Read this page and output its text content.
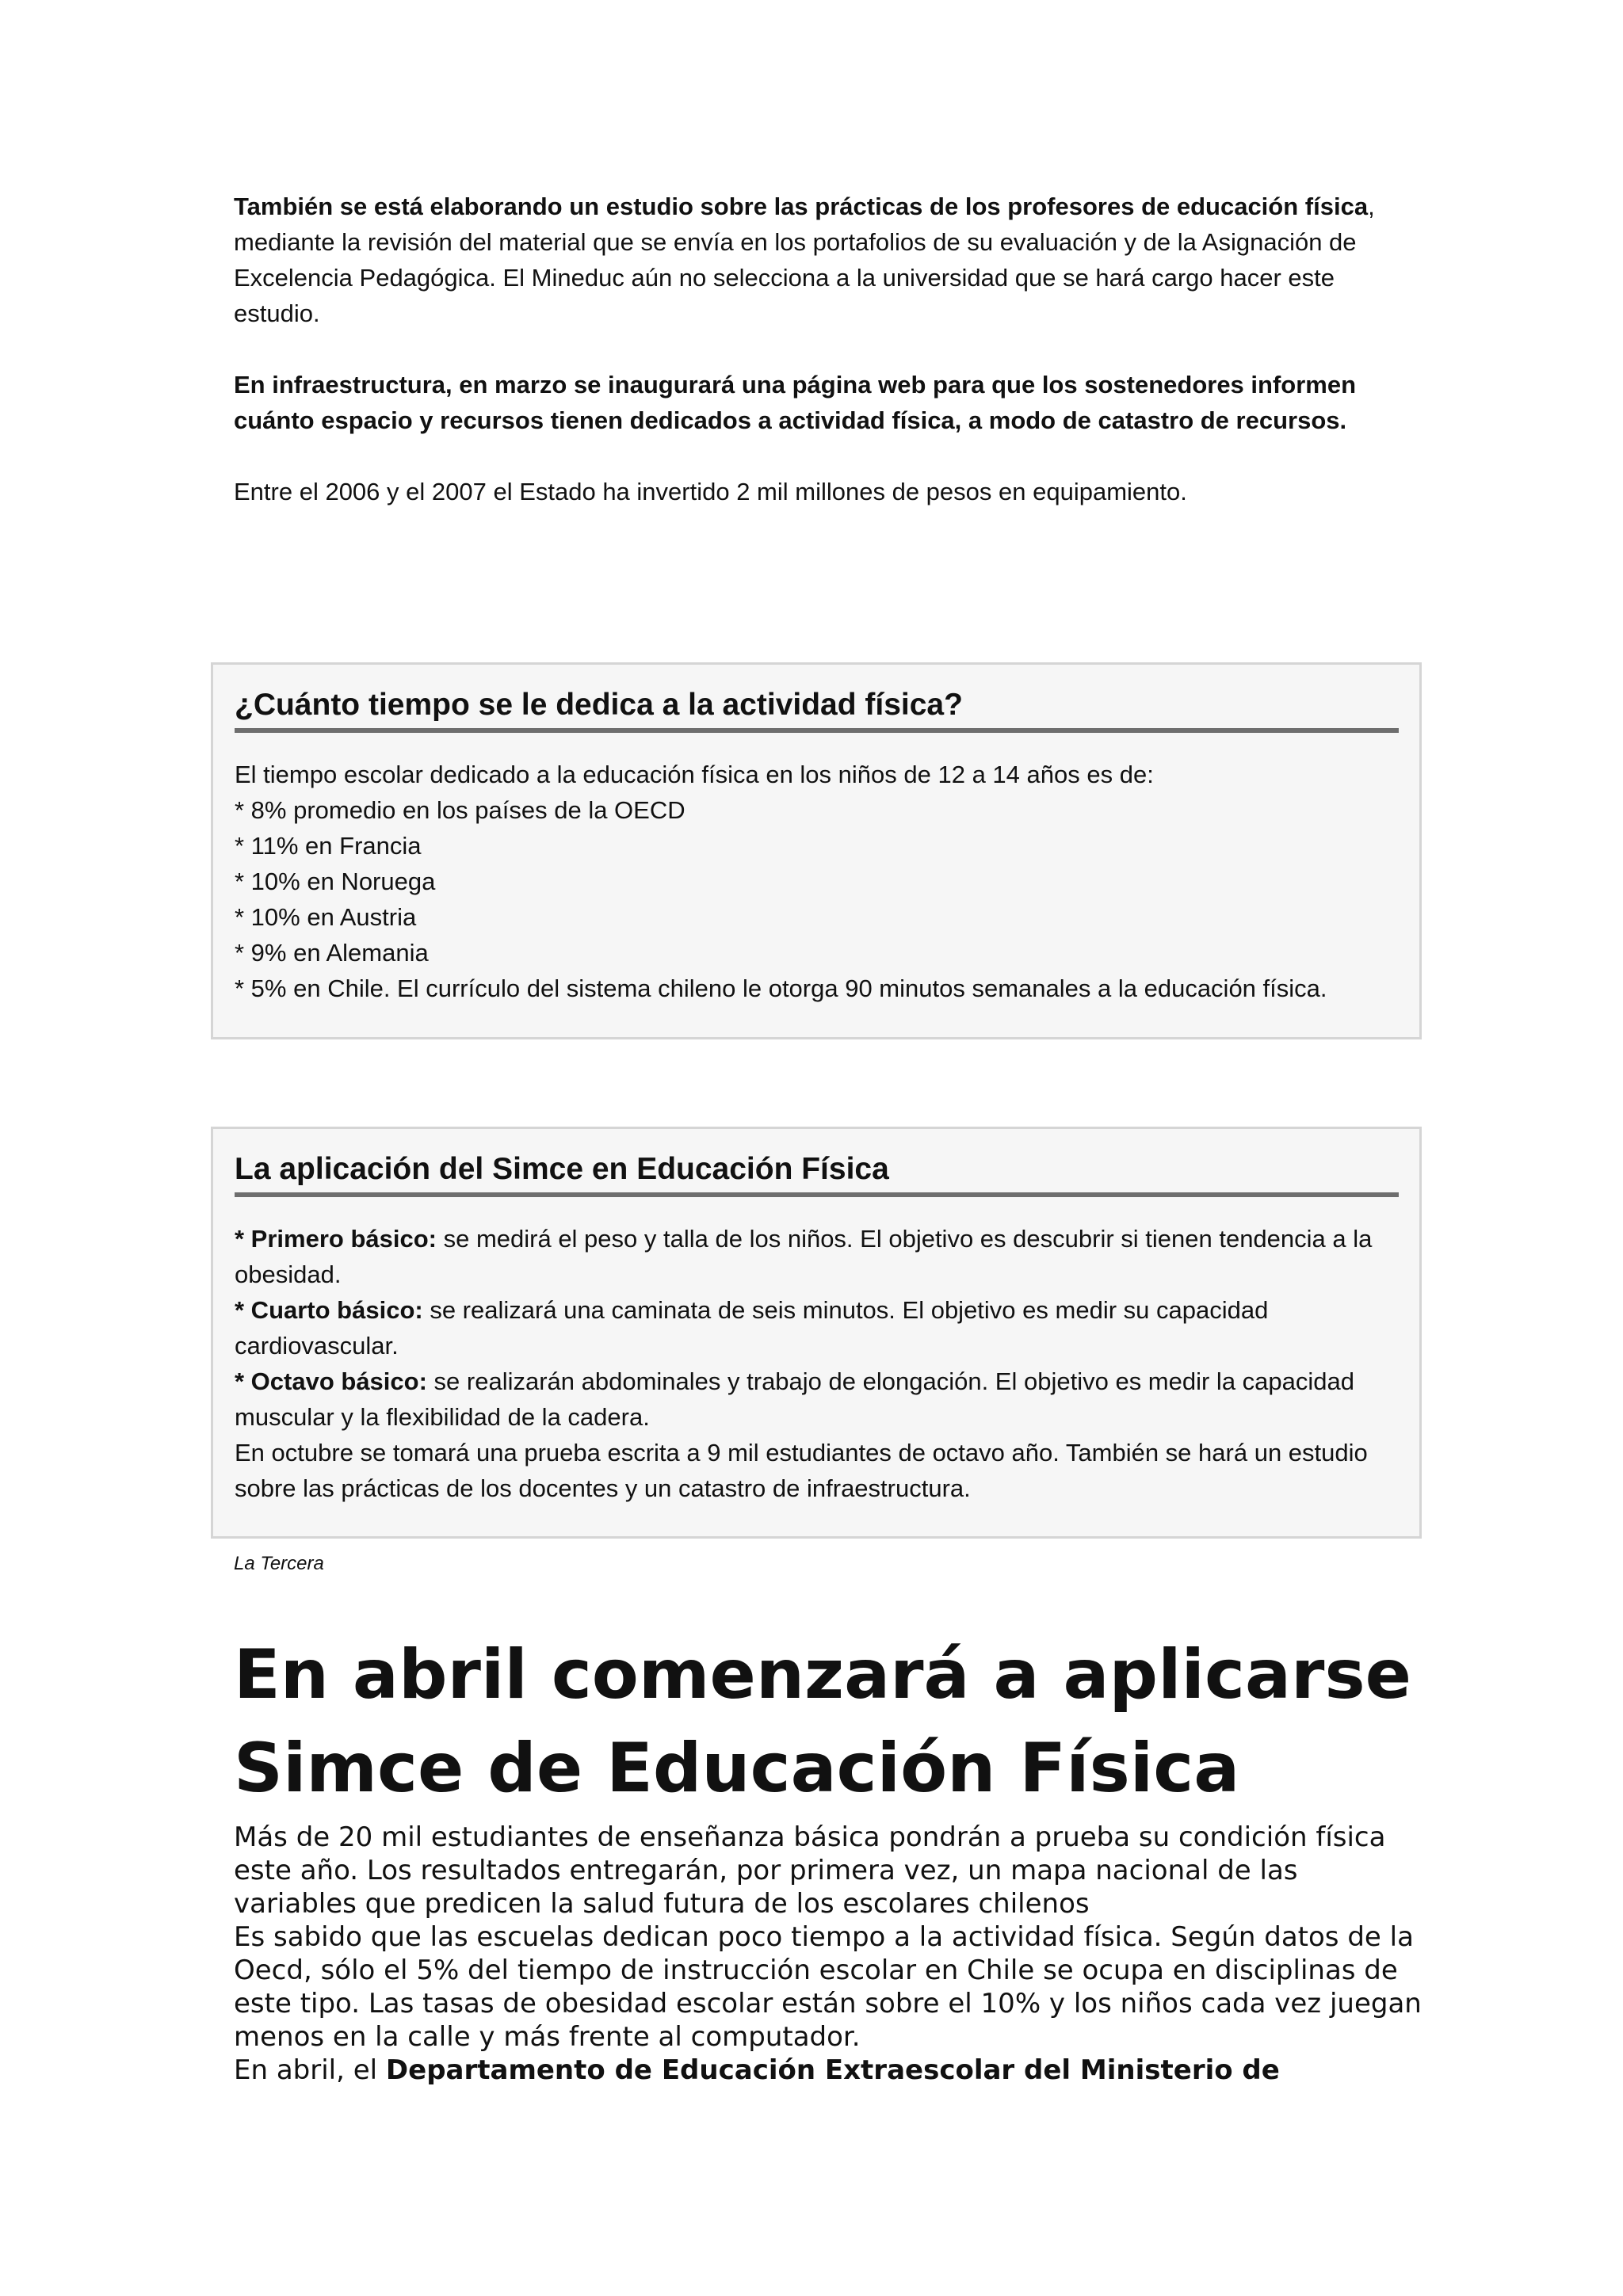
También se está elaborando un estudio sobre las prácticas de los profesores de educación física, mediante la revisión del material que se envía en los portafolios de su evaluación y de la Asignación de Excelencia Pedagógica. El Mineduc aún no selecciona a la universidad que se hará cargo hacer este estudio.

En infraestructura, en marzo se inaugurará una página web para que los sostenedores informen cuánto espacio y recursos tienen dedicados a actividad física, a modo de catastro de recursos.

Entre el 2006 y el 2007 el Estado ha invertido 2 mil millones de pesos en equipamiento.

¿Cuánto tiempo se le dedica a la actividad física?
El tiempo escolar dedicado a la educación física en los niños de 12 a 14 años es de:
* 8% promedio en los países de la OECD
* 11% en Francia
* 10% en Noruega
* 10% en Austria
* 9% en Alemania
* 5% en Chile. El currículo del sistema chileno le otorga 90 minutos semanales a la educación física.
La aplicación del Simce en Educación Física
* Primero básico: se medirá el peso y talla de los niños. El objetivo es descubrir si tienen tendencia a la obesidad.
* Cuarto básico: se realizará una caminata de seis minutos. El objetivo es medir su capacidad cardiovascular.
* Octavo básico: se realizarán abdominales y trabajo de elongación. El objetivo es medir la capacidad muscular y la flexibilidad de la cadera.
En octubre se tomará una prueba escrita a 9 mil estudiantes de octavo año. También se hará un estudio sobre las prácticas de los docentes y un catastro de infraestructura.
La Tercera
En abril comenzará a aplicarse Simce de Educación Física

Más de 20 mil estudiantes de enseñanza básica pondrán a prueba su condición física este año. Los resultados entregarán, por primera vez, un mapa nacional de las variables que predicen la salud futura de los escolares chilenos

Es sabido que las escuelas dedican poco tiempo a la actividad física. Según datos de la Oecd, sólo el 5% del tiempo de instrucción escolar en Chile se ocupa en disciplinas de este tipo. Las tasas de obesidad escolar están sobre el 10% y los niños cada vez juegan menos en la calle y más frente al computador.

En abril, el Departamento de Educación Extraescolar del Ministerio de
